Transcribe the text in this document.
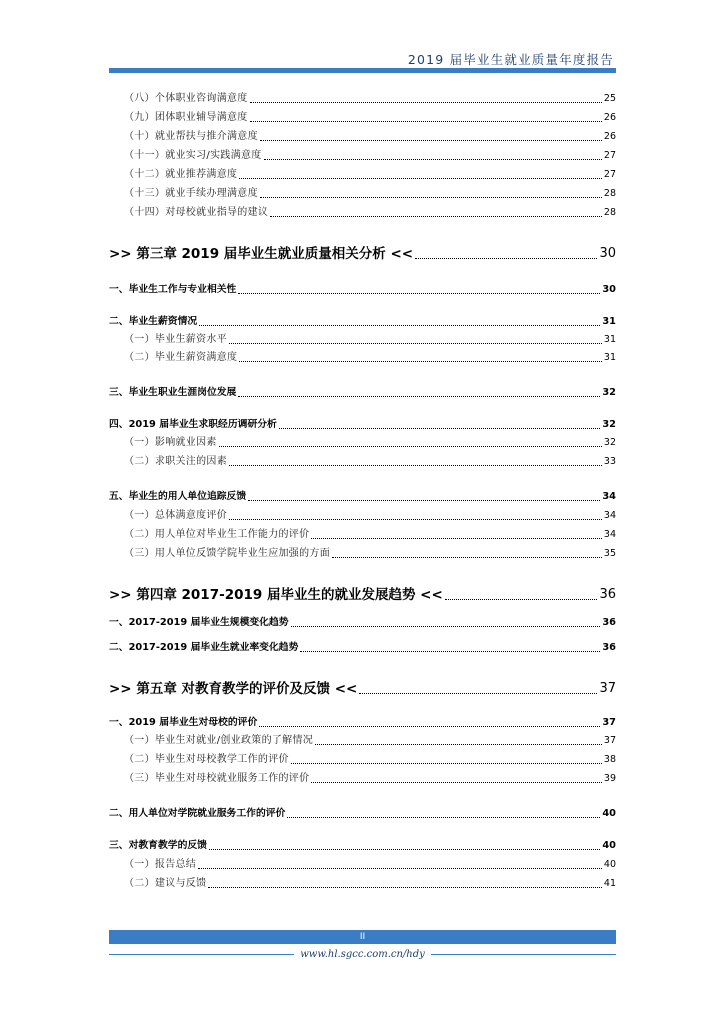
2019 届毕业生就业质量年度报告
（八）个体职业咨询满意度	25
（九）团体职业辅导满意度	26
（十）就业帮扶与推介满意度	26
（十一）就业实习/实践满意度	27
（十二）就业推荐满意度	27
（十三）就业手续办理满意度	28
（十四）对母校就业指导的建议	28
>> 第三章 2019 届毕业生就业质量相关分析 <<	30
一、毕业生工作与专业相关性	30
二、毕业生薪资情况	31
（一）毕业生薪资水平	31
（二）毕业生薪资满意度	31
三、毕业生职业生涯岗位发展	32
四、2019 届毕业生求职经历调研分析	32
（一）影响就业因素	32
（二）求职关注的因素	33
五、毕业生的用人单位追踪反馈	34
（一）总体满意度评价	34
（二）用人单位对毕业生工作能力的评价	34
（三）用人单位反馈学院毕业生应加强的方面	35
>> 第四章 2017-2019 届毕业生的就业发展趋势 <<	36
一、2017-2019 届毕业生规模变化趋势	36
二、2017-2019 届毕业生就业率变化趋势	36
>> 第五章 对教育教学的评价及反馈 <<	37
一、2019 届毕业生对母校的评价	37
（一）毕业生对就业/创业政策的了解情况	37
（二）毕业生对母校教学工作的评价	38
（三）毕业生对母校就业服务工作的评价	39
二、用人单位对学院就业服务工作的评价	40
三、对教育教学的反馈	40
（一）报告总结	40
（二）建议与反馈	41
II
www.hl.sgcc.com.cn/hdy
